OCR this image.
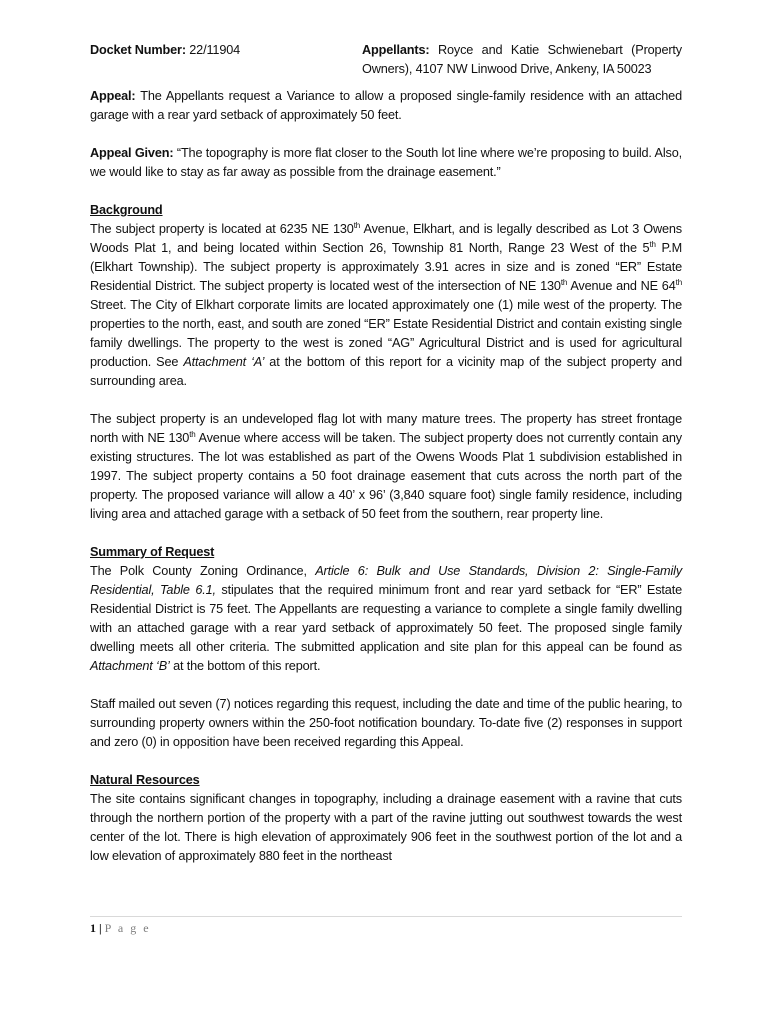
Docket Number: 22/11904	Appellants: Royce and Katie Schwienebart (Property Owners), 4107 NW Linwood Drive, Ankeny, IA 50023

Appeal: The Appellants request a Variance to allow a proposed single-family residence with an attached garage with a rear yard setback of approximately 50 feet.

Appeal Given: “The topography is more flat closer to the South lot line where we’re proposing to build. Also, we would like to stay as far away as possible from the drainage easement.”

Background
The subject property is located at 6235 NE 130th Avenue, Elkhart, and is legally described as Lot 3 Owens Woods Plat 1, and being located within Section 26, Township 81 North, Range 23 West of the 5th P.M (Elkhart Township). The subject property is approximately 3.91 acres in size and is zoned “ER” Estate Residential District. The subject property is located west of the intersection of NE 130th Avenue and NE 64th Street. The City of Elkhart corporate limits are located approximately one (1) mile west of the property. The properties to the north, east, and south are zoned “ER” Estate Residential District and contain existing single family dwellings. The property to the west is zoned “AG” Agricultural District and is used for agricultural production. See Attachment ‘A’ at the bottom of this report for a vicinity map of the subject property and surrounding area.

The subject property is an undeveloped flag lot with many mature trees. The property has street frontage north with NE 130th Avenue where access will be taken. The subject property does not currently contain any existing structures. The lot was established as part of the Owens Woods Plat 1 subdivision established in 1997. The subject property contains a 50 foot drainage easement that cuts across the north part of the property. The proposed variance will allow a 40’ x 96’ (3,840 square foot) single family residence, including living area and attached garage with a setback of 50 feet from the southern, rear property line.

Summary of Request
The Polk County Zoning Ordinance, Article 6: Bulk and Use Standards, Division 2: Single-Family Residential, Table 6.1, stipulates that the required minimum front and rear yard setback for “ER” Estate Residential District is 75 feet. The Appellants are requesting a variance to complete a single family dwelling with an attached garage with a rear yard setback of approximately 50 feet. The proposed single family dwelling meets all other criteria. The submitted application and site plan for this appeal can be found as Attachment ‘B’ at the bottom of this report.

Staff mailed out seven (7) notices regarding this request, including the date and time of the public hearing, to surrounding property owners within the 250-foot notification boundary. To-date five (2) responses in support and zero (0) in opposition have been received regarding this Appeal.

Natural Resources
The site contains significant changes in topography, including a drainage easement with a ravine that cuts through the northern portion of the property with a part of the ravine jutting out southwest towards the west center of the lot. There is high elevation of approximately 906 feet in the southwest portion of the lot and a low elevation of approximately 880 feet in the northeast

1 | P a g e
